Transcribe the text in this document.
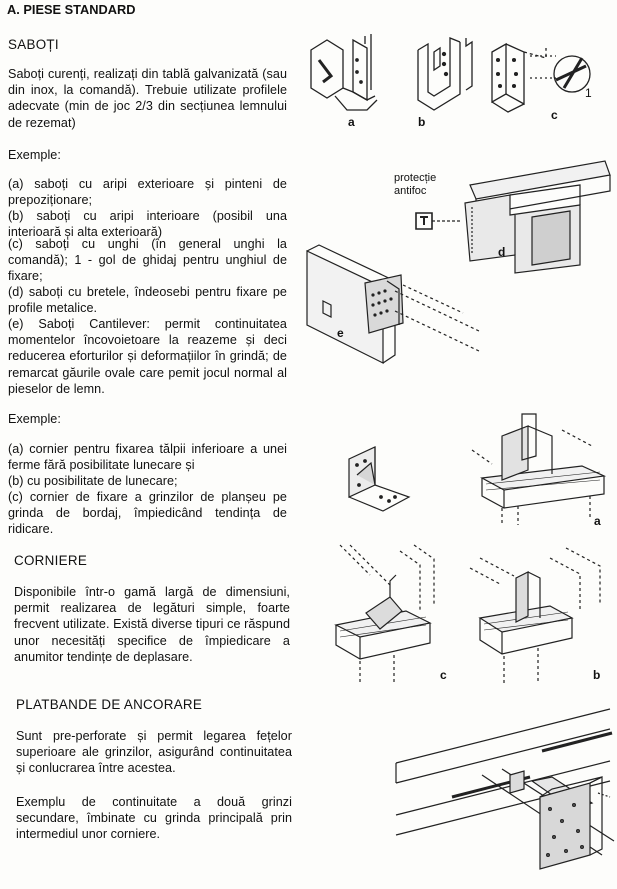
A. PIESE STANDARD
SABOȚI
Saboți curenți, realizați din tablă galvanizată (sau din inox, la comandă). Trebuie utilizate profilele adecvate (min de joc 2/3 din secțiunea lemnului de rezemat)
Exemple:
(a) saboți cu aripi exterioare și pinteni de prepoziționare;
(b) saboți cu aripi interioare (posibil una interioară și alta exterioară)
(c) saboți cu unghi (în general unghi la comandă); 1 - gol de ghidaj pentru unghiul de fixare;
(d) saboți cu bretele, îndeosebi pentru fixare pe profile metalice.
(e) Saboți Cantilever: permit continuitatea momentelor încovoietoare la reazeme și deci reducerea eforturilor și deformațiilor în grindă; de remarcat găurile ovale care pemit jocul normal al pieselor de lemn.
Exemple:
(a) cornier pentru fixarea tălpii inferioare a unei ferme fără posibilitate lunecare și
(b) cu posibilitate de lunecare;
(c) cornier de fixare a grinzilor de planșeu pe grinda de bordaj, împiedicând tendința de ridicare.
CORNIERE
Disponibile într-o gamă largă de dimensiuni, permit realizarea de legături simple, foarte frecvent utilizate. Există diverse tipuri ce răspund unor necesități specifice de împiedicare a anumitor tendințe de deplasare.
PLATBANDE DE ANCORARE
Sunt pre-perforate și permit legarea fețelor superioare ale grinzilor, asigurând continuitatea și conlucrarea între acestea.
Exemplu de continuitate a două grinzi secundare, îmbinate cu grinda principală prin intermediul unor corniere.
a	b
1
c
protecție antifoc
d
e
a
c	b
